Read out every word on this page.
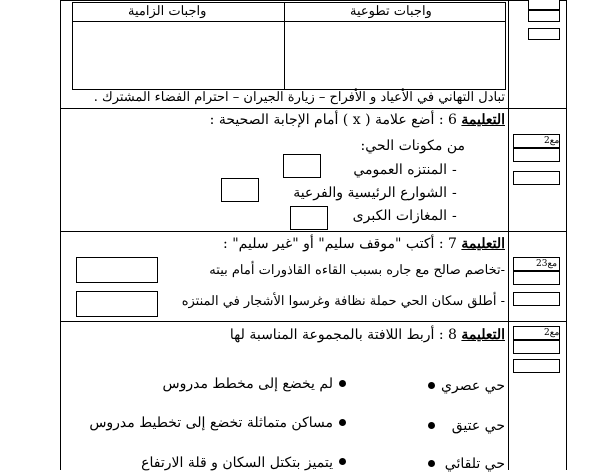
واجبات الزامية	واجبات تطوعية
تبادل التهاني في الأعياد و الأفراح – زيارة الجيران – احترام الفضاء المشترك .
التعليمة 6 : أضع علامة ( x ) أمام الإجابة الصحيحة :
من مكونات الحي:
-
المنتزه العمومي
-
الشوارع الرئيسية والفرعية
-
المغازات الكبرى
التعليمة 7 : أكتب "موقف سليم" أو "غير سليم" :
-تخاصم صالح مع جاره بسبب القاءه القاذورات أمام بيته
- أطلق سكان الحي حملة نظافة وغرسوا الأشجار في المنتزه
التعليمة 8 : أربط اللافتة بالمجموعة المناسبة لها
حي عصري
لم يخضع إلى مخطط مدروس
حي عتيق
مساكن متماثلة تخضع إلى تخطيط مدروس
حي تلقائي
يتميز بتكتل السكان و قلة الارتفاع
مع2
مع23
مع2
